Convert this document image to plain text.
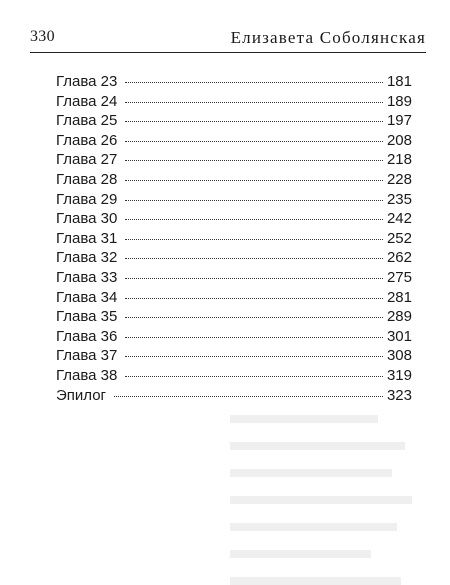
330	Елизавета Соболянская
Глава 23	181
Глава 24	189
Глава 25	197
Глава 26	208
Глава 27	218
Глава 28	228
Глава 29	235
Глава 30	242
Глава 31	252
Глава 32	262
Глава 33	275
Глава 34	281
Глава 35	289
Глава 36	301
Глава 37	308
Глава 38	319
Эпилог	323
